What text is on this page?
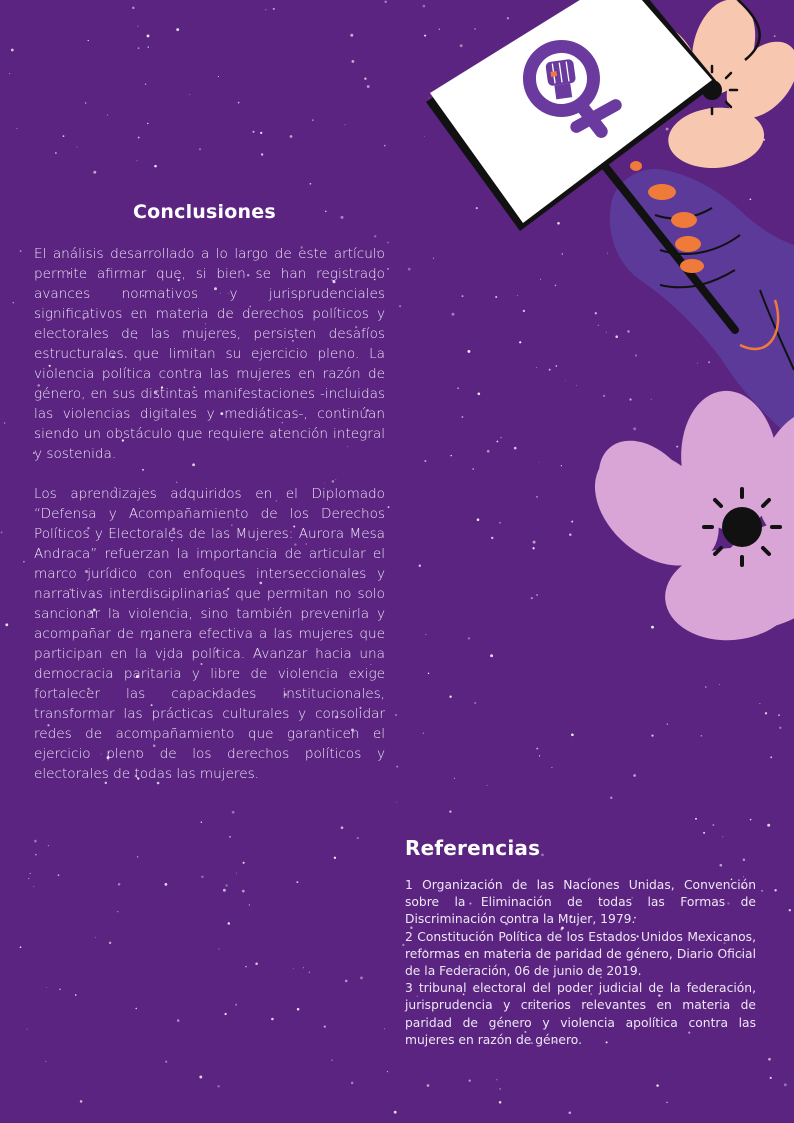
Conclusiones

El análisis desarrollado a lo largo de este artículo permite afirmar que, si bien se han registrado avances normativos y jurisprudenciales significativos en materia de derechos políticos y electorales de las mujeres, persisten desafíos estructurales que limitan su ejercicio pleno. La violencia política contra las mujeres en razón de género, en sus distintas manifestaciones -incluidas las violencias digitales y mediáticas-, continúan siendo un obstáculo que requiere atención integral y sostenida.

Los aprendizajes adquiridos en el Diplomado “Defensa y Acompañamiento de los Derechos Políticos y Electorales de las Mujeres: Aurora Mesa Andraca” refuerzan la importancia de articular el marco jurídico con enfoques interseccionales y narrativas interdisciplinarias que permitan no solo sancionar la violencia, sino también prevenirla y acompañar de manera efectiva a las mujeres que participan en la vida política. Avanzar hacia una democracia paritaria y libre de violencia exige fortalecer las capacidades institucionales, transformar las prácticas culturales y consolidar redes de acompañamiento que garanticen el ejercicio pleno de los derechos políticos y electorales de todas las mujeres.

Referencias

1 Organización de las Naciones Unidas, Convención sobre la Eliminación de todas las Formas de Discriminación contra la Mujer, 1979.

2 Constitución Política de los Estados Unidos Mexicanos, reformas en materia de paridad de género, Diario Oficial de la Federación, 06 de junio de 2019.

3 tribunal electoral del poder judicial de la federación, jurisprudencia y criterios relevantes en materia de paridad de género y violencia apolítica contra las mujeres en razón de género.
